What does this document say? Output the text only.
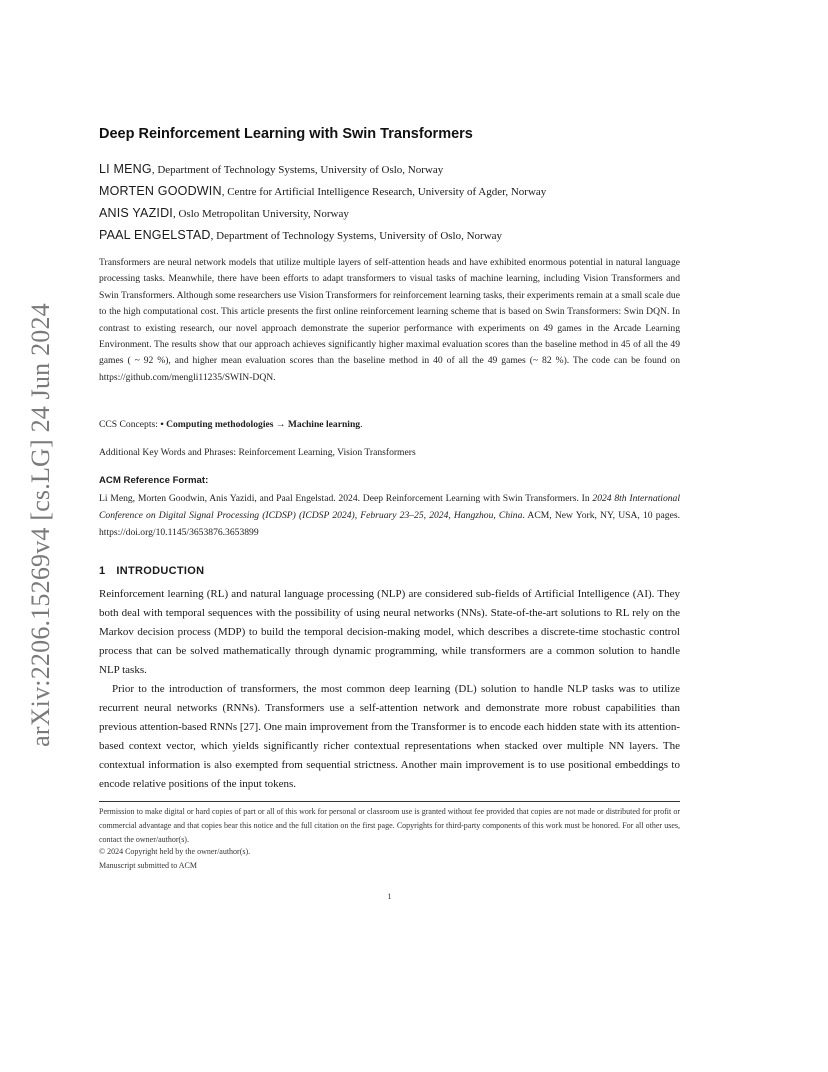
arXiv:2206.15269v4 [cs.LG] 24 Jun 2024
Deep Reinforcement Learning with Swin Transformers
LI MENG, Department of Technology Systems, University of Oslo, Norway
MORTEN GOODWIN, Centre for Artificial Intelligence Research, University of Agder, Norway
ANIS YAZIDI, Oslo Metropolitan University, Norway
PAAL ENGELSTAD, Department of Technology Systems, University of Oslo, Norway
Transformers are neural network models that utilize multiple layers of self-attention heads and have exhibited enormous potential in natural language processing tasks. Meanwhile, there have been efforts to adapt transformers to visual tasks of machine learning, including Vision Transformers and Swin Transformers. Although some researchers use Vision Transformers for reinforcement learning tasks, their experiments remain at a small scale due to the high computational cost. This article presents the first online reinforcement learning scheme that is based on Swin Transformers: Swin DQN. In contrast to existing research, our novel approach demonstrate the superior performance with experiments on 49 games in the Arcade Learning Environment. The results show that our approach achieves significantly higher maximal evaluation scores than the baseline method in 45 of all the 49 games ( ~ 92 %), and higher mean evaluation scores than the baseline method in 40 of all the 49 games (~ 82 %). The code can be found on https://github.com/mengli11235/SWIN-DQN.
CCS Concepts: • Computing methodologies → Machine learning.
Additional Key Words and Phrases: Reinforcement Learning, Vision Transformers
ACM Reference Format:
Li Meng, Morten Goodwin, Anis Yazidi, and Paal Engelstad. 2024. Deep Reinforcement Learning with Swin Transformers. In 2024 8th International Conference on Digital Signal Processing (ICDSP) (ICDSP 2024), February 23–25, 2024, Hangzhou, China. ACM, New York, NY, USA, 10 pages. https://doi.org/10.1145/3653876.3653899
1 INTRODUCTION
Reinforcement learning (RL) and natural language processing (NLP) are considered sub-fields of Artificial Intelligence (AI). They both deal with temporal sequences with the possibility of using neural networks (NNs). State-of-the-art solutions to RL rely on the Markov decision process (MDP) to build the temporal decision-making model, which describes a discrete-time stochastic control process that can be solved mathematically through dynamic programming, while transformers are a common solution to handle NLP tasks.
Prior to the introduction of transformers, the most common deep learning (DL) solution to handle NLP tasks was to utilize recurrent neural networks (RNNs). Transformers use a self-attention network and demonstrate more robust capabilities than previous attention-based RNNs [27]. One main improvement from the Transformer is to encode each hidden state with its attention-based context vector, which yields significantly richer contextual representations when stacked over multiple NN layers. The contextual information is also exempted from sequential strictness. Another main improvement is to use positional embeddings to encode relative positions of the input tokens.
Permission to make digital or hard copies of part or all of this work for personal or classroom use is granted without fee provided that copies are not made or distributed for profit or commercial advantage and that copies bear this notice and the full citation on the first page. Copyrights for third-party components of this work must be honored. For all other uses, contact the owner/author(s).
© 2024 Copyright held by the owner/author(s).
Manuscript submitted to ACM
1
